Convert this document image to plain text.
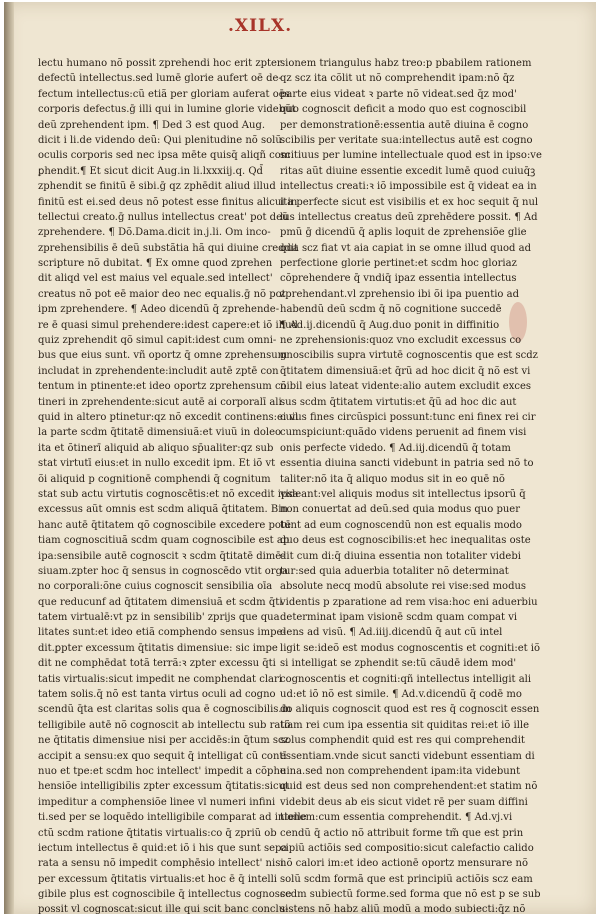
.XILX.
lectu humano nõ possit zprehendi hoc erit zpter
defectũ intellectus.sed lumē glorie aufert oē de-
fectum intellectus:cũ etiã per gloriam auferat oēs
corporis defectus.ḡ illi qui in lumine glorie videbũt
deũ zprehendent ipm. ¶ Ded 3 est quod Aug.
dicit i li.de videndo deũ: Qui plenitudine nõ solũ
oculis corporis sed nec ipsa mēte quisq̄ aliqñ com
ꝑhendit.¶ Et sicut dicit Aug.in li.lxxxiij.q. Qd̄
zphendit se finitũ ē sibi.ḡ qz zphēdit aliud illud
finitũ est ei.sed deus nõ potest esse finitus alicui in
tellectui creato.ḡ nullus intellectus creat' pot deũ
zprehendere. ¶ Dõ.Dama.dicit in.j.li. Om inco-
zprehensibilis ē deũ substãtia hã qui diuine creddit
scripture nõ dubitat. ¶ Ex omne quod zprehen
dit aliqd vel est maius vel equale.sed intellect'
creatus nõ pot eē maior deo nec equalis.ḡ nõ pot
ipm zprehendere. ¶ Adeo dicendũ q̄ zprehende-
re ē quasi simul prehendere:idest capere:et iõ illud
quiz zprehendit qõ simul capit:idest cum omni-
bus que eius sunt. vñ oportz q̄ omne zprehensum
includat in zprehendente:includit autē zptē con
tentum in ptinente:et ideo oportz zprehensum cõ
tineri in zprehendente:sicut autē ai corporalī ali
quid in altero ptinetur:qz nõ excedit continens:ei vl
la parte scdm q̄titatē dimensiuã:et viuũ in doleo
ita et õtinerī aliquid ab aliquo sp̄ualiter:qz sub
stat virtutī eius:et in nullo excedit ipm. Et iõ vt
õi aliquid p cognitionē comphendi q̄ cognitum
stat sub actu virtutis cognoscētis:et nõ excedit ipsa
excessus aũt omnis est scdm aliquã q̄titatem. Bin
hanc autē q̄titatem qõ cognoscibile excedere potē
tiam cognoscitiuã scdm quam cognoscibile est ab
ipa:sensibile autē cognoscit ꝛ scdm q̄titatē dimē-
siuam.zpter hoc q̄ sensus in cognoscēdo vtit orga
no corporali:õne cuius cognoscit sensibilia oīa
que reducunf ad q̄titatem dimensiuã et scdm q̄ti
tatem virtualē:vt pz in sensibilib' zprijs que qua
litates sunt:et ideo etiã comphendo sensus impe-
dit.ꝑpter excessum q̄titatis dimensiue: sic impe
dit ne comphēdat totã terrã:ꝛ zpter excessu q̄ti
tatis virtualis:sicut impedit ne comphendat clari
tatem solis.q̄ nõ est tanta virtus oculi ad cogno
scendũ q̄ta est claritas solis qua ē cognoscibilis.in
telligibile autē nõ cognoscit ab intellectu sub ratõ
ne q̄titatis dimensiue nisi per accidēs:in q̄tum scz
accipit a sensu:ex quo sequit q̄ intelligat cũ contī
nuo et tpe:et scdm hoc intellect' impedit a cõphe
hensiõe intelligibilis zpter excessum q̄titatis:sicut
impeditur a comphensiõe linee vl numeri infini
ti.sed per se loquēdo intelligibile comparat ad intelle
ctũ scdm ratione q̄titatis virtualis:co q̄ zpriũ ob
iectum intellectus ē quid:et iõ i his que sunt sepa
rata a sensu nõ impedit comphēsio intellect' nisi
per excessum q̄titatis virtualis:et hoc ē q̄ intelli
gibile plus est cognoscibile q̄ intellectus cognosce
possit vl cognoscat:sicut ille qui scit banc conclu-
sionem triangulus habz treo:p pbabilem rationem
qz scz ita cõlit ut nõ comprehendit ipam:nõ q̄z
parte eius videat ꝛ parte nõ videat.sed q̄z mod'
quo cognoscit deficit a modo quo est cognoscibil
per demonstrationē:essentia autē diuina ē cogno
scibilis per veritate sua:intellectus autē est cogno
scitiuus per lumine intellectuale quod est in ipso:ve
ritas aũt diuine essentie excedit lumē quod cuiuq̄ꝫ
intellectus creati:ꝛ iõ impossibile est q̄ videat ea in
ita perfecte sicut est visibilis et ex hoc sequit q̄ nul
lus intellectus creatus deũ zprehēdere possit. ¶ Ad
pmũ ḡ dicendũ q̄ aplis loquit de zprehensiõe glie
qua scz fiat vt aia capiat in se omne illud quod ad
perfectione glorie pertinet:et scdm hoc gloriaz
cõprehendere q̄ vndiq̄ ipaz essentia intellectus
zprehendant.vl zprehensio ibi õi ipa puentio ad
habendũ deũ scdm q̄ nõ cognitione succedē
¶ Ad.ij.dicendũ q̄ Aug.duo ponit in diffinitio
ne zprehensionis:quoz vno excludit excessus co
gnoscibilis supra virtutē cognoscentis que est scdz
q̄titatem dimensiuã:et q̄rũ ad hoc dicit q̄ nõ est vi
nibil eius lateat vidente:alio autem excludit exces
sus scdm q̄titatem virtutis:et q̄ũ ad hoc dic aut
cuius fines circũspici possunt:tunc eni finex rei cir
cumspiciunt:quãdo videns peruenit ad finem visi
onis perfecte videdo. ¶ Ad.iij.dicendũ q̄ totam
essentia diuina sancti videbunt in patria sed nõ to
taliter:nõ ita q̄ aliquo modus sit in eo quē nõ
videant:vel aliquis modus sit intellectus ipsorũ q̄
non conuertat ad deũ.sed quia modus quo puer
tunt ad eum cognoscendũ non est equalis modo
quo deus est cognoscibilis:et hec inequalitas oste
dit cum di:q̄ diuina essentia non totaliter videbi
tur:sed quia aduerbia totaliter nõ determinat
absolute necq modũ absolute rei vise:sed modus
videntis p zparatione ad rem visa:hoc eni aduerbiu
determinat ipam visionē scdm quam compat vi
dens ad visũ. ¶ Ad.iiij.dicendũ q̄ aut cũ intel
ligit se:ideõ est modus cognoscentis et cogniti:et iõ
si intelligat se zphendit se:tũ cãudē idem mod'
cognoscentis et cogniti:qñ intellectus intelligit ali
ud:et iõ nõ est simile. ¶ Ad.v.dicendũ q̄ codē mo
do aliquis cognoscit quod est res q̄ cognoscit essen
tiam rei cum ipa essentia sit quiditas rei:et iõ ille
solus comphendit quid est res qui comprehendit
essentiam.vnde sicut sancti videbunt essentiam di
uina.sed non comprehendent ipam:ita videbunt
quid est deus sed non comprehendent:et statim nõ
videbit deus ab eis sicut videt rē per suam diffini
tionem:cum essentia comprehendit. ¶ Ad.vj.vi
cendũ q̄ actio nõ attribuit forme tm̃ que est prin
cipiũ actiõis sed compositio:sicut calefactio calido
nõ calori im:et ideo actionē oportz mensurare nõ
solũ scdm formã que est principiũ actiõis scz eam
scdm subiectũ forme.sed forma que nõ est p se sub
sistens nõ habz aliũ modũ a modo subiecti:q̄z nõ
